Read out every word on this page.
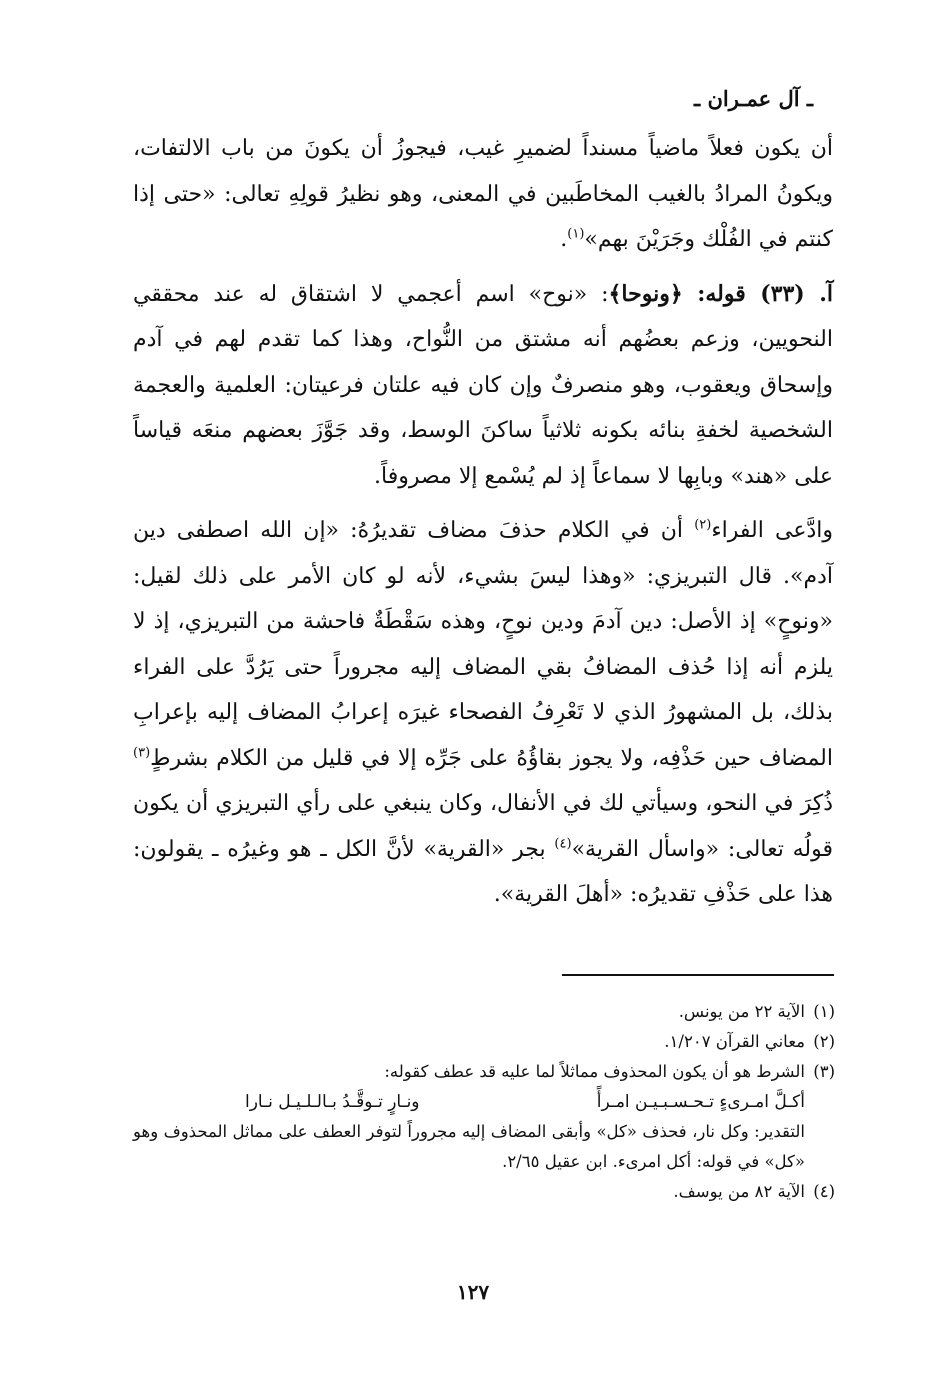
ـ آل عمـران ـ

أن يكون فعلاً ماضياً مسنداً لضميرِ غيب، فيجوزُ أن يكونَ من باب الالتفات، ويكونُ المرادُ بالغيب المخاطَبين في المعنى، وهو نظيرُ قولِهِ تعالى: «حتى إذا كنتم في الفُلْك وجَرَيْنَ بهم»$^{(١)}$.

آ. (٣٣) قوله: ﴿ونوحا﴾: «نوح» اسم أعجمي لا اشتقاق له عند محققي النحويين، وزعم بعضُهم أنه مشتق من النُّواح، وهذا كما تقدم لهم في آدم وإسحاق ويعقوب، وهو منصرفٌ وإن كان فيه علتان فرعيتان: العلمية والعجمة الشخصية لخفةِ بنائه بكونه ثلاثياً ساكنَ الوسط، وقد جَوَّزَ بعضهم منعَه قياساً على «هند» وبابِها لا سماعاً إذ لم يُسْمع إلا مصروفاً.

وادَّعى الفراء$^{(٢)}$ أن في الكلام حذفَ مضاف تقديرُهُ: «إن الله اصطفى دين آدم». قال التبريزي: «وهذا ليسَ بشيء، لأنه لو كان الأمر على ذلك لقيل: «ونوحٍ» إذ الأصل: دين آدمَ ودين نوحٍ، وهذه سَقْطَةٌ فاحشة من التبريزي، إذ لا يلزم أنه إذا حُذف المضافُ بقي المضاف إليه مجروراً حتى يَرُدَّ على الفراء بذلك، بل المشهورُ الذي لا تَعْرِفُ الفصحاء غيرَه إعرابُ المضاف إليه بإعرابِ المضاف حين حَذْفِه، ولا يجوز بقاؤُهُ على جَرِّه إلا في قليل من الكلام بشرطٍ$^{(٣)}$ ذُكِرَ في النحو، وسيأتي لك في الأنفال، وكان ينبغي على رأي التبريزي أن يكون قولُه تعالى: «واسأل القرية»$^{(٤)}$ بجر «القرية» لأنَّ الكل ـ هو وغيرُه ـ يقولون: هذا على حَذْفِ تقديرُه: «أهلَ القرية».

(١)الآية ٢٢ من يونس.

(٢)معاني القرآن ١/٢٠٧.

(٣)الشرط هو أن يكون المحذوف مماثلاً لما عليه قد عطف كقوله:

أكـلَّ امـرىءٍ تـحـسـبـيـن امـرأً
ونـارٍ تـوقَّـدُ بـالـلـيـل نـارا

التقدير: وكل نار، فحذف «كل» وأبقى المضاف إليه مجروراً لتوفر العطف على مماثل المحذوف وهو «كل» في قوله: أكل امرىء. ابن عقيل ٢/٦٥.

(٤)الآية ٨٢ من يوسف.

١٢٧
